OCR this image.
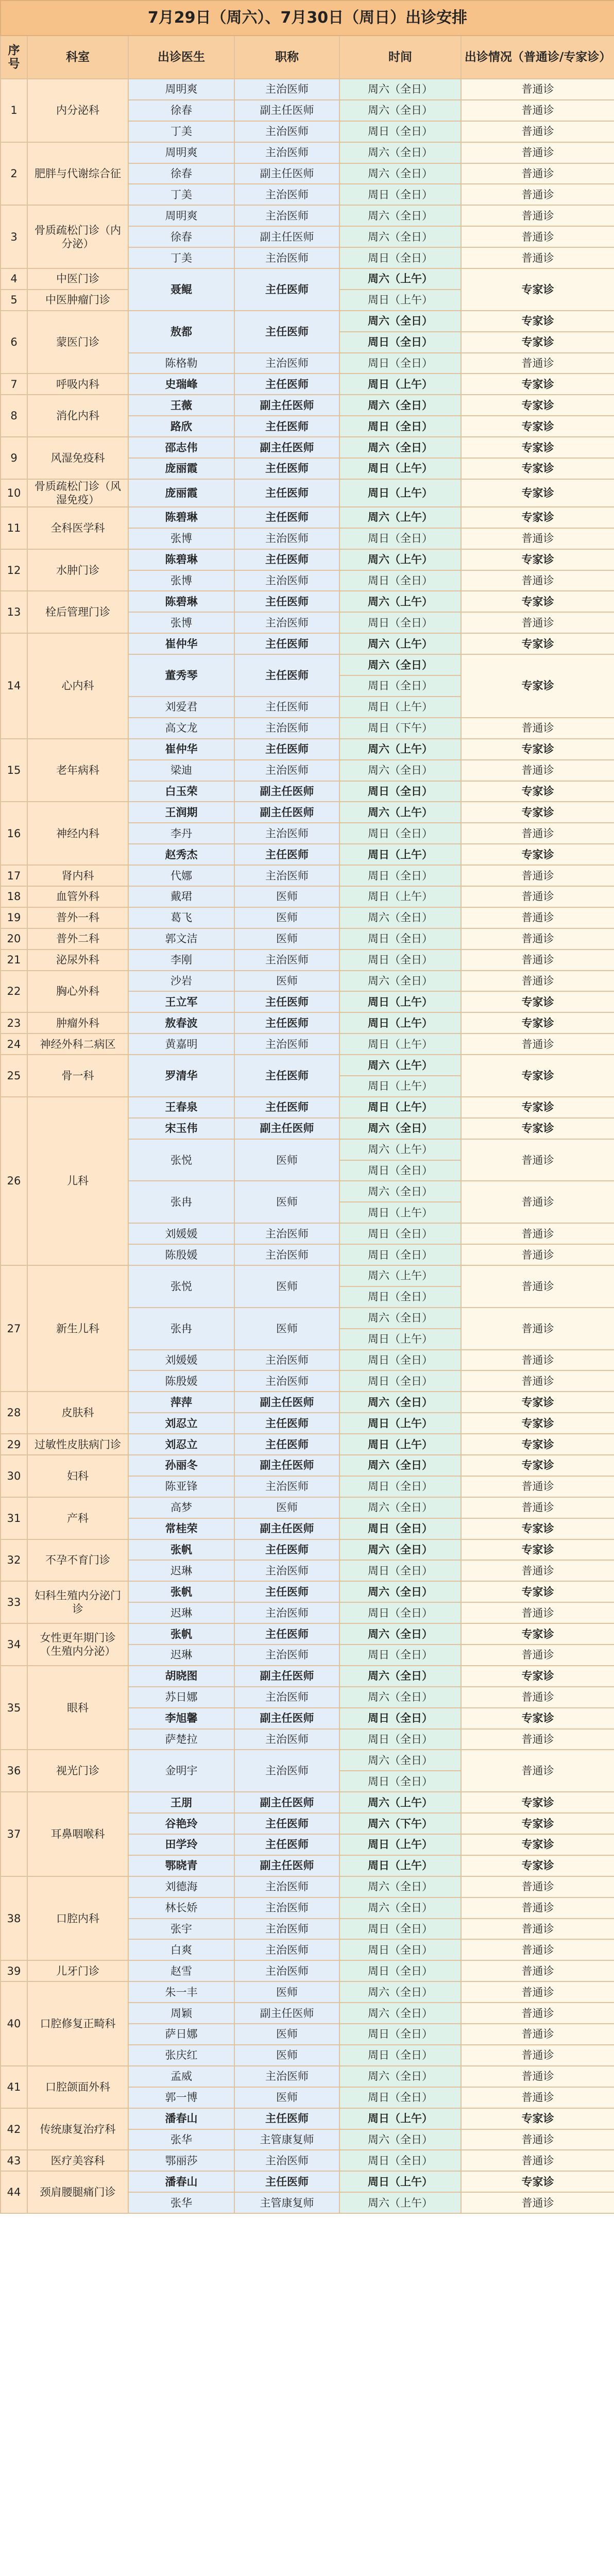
7月29日（周六）、7月30日（周日）出诊安排					
序号	科室	出诊医生	职称	时间	出诊情况（普通诊/专家诊）
1	内分泌科	周明爽	主治医师	周六（全日）	普通诊
		徐春	副主任医师	周六（全日）	普通诊
		丁美	主治医师	周日（全日）	普通诊
2	肥胖与代谢综合征	周明爽	主治医师	周六（全日）	普通诊
		徐春	副主任医师	周六（全日）	普通诊
		丁美	主治医师	周日（全日）	普通诊
3	骨质疏松门诊（内分泌）	周明爽	主治医师	周六（全日）	普通诊
		徐春	副主任医师	周六（全日）	普通诊
		丁美	主治医师	周日（全日）	普通诊
4	中医门诊	聂鲲	主任医师	周六（上午）	专家诊
5	中医肿瘤门诊			周日（上午）	
6	蒙医门诊	敖都	主任医师	周六（全日）	专家诊
				周日（全日）	专家诊
		陈格勒	主治医师	周日（全日）	普通诊
7	呼吸内科	史瑞峰	主任医师	周日（上午）	专家诊
8	消化内科	王薇	副主任医师	周六（全日）	专家诊
		路欣	主任医师	周日（全日）	专家诊
9	风湿免疫科	邵志伟	副主任医师	周六（全日）	专家诊
		庞丽霞	主任医师	周日（上午）	专家诊
10	骨质疏松门诊（风湿免疫）	庞丽霞	主任医师	周日（上午）	专家诊
11	全科医学科	陈碧琳	主任医师	周六（上午）	专家诊
		张博	主治医师	周日（全日）	普通诊
12	水肿门诊	陈碧琳	主任医师	周六（上午）	专家诊
		张博	主治医师	周日（全日）	普通诊
13	栓后管理门诊	陈碧琳	主任医师	周六（上午）	专家诊
		张博	主治医师	周日（全日）	普通诊
14	心内科	崔仲华	主任医师	周六（上午）	专家诊
		董秀琴	主任医师	周六（全日）	专家诊
				周日（全日）	
		刘爱君	主任医师	周日（上午）	
		高文龙	主治医师	周日（下午）	普通诊
15	老年病科	崔仲华	主任医师	周六（上午）	专家诊
		梁迪	主治医师	周六（全日）	普通诊
		白玉荣	副主任医师	周日（全日）	专家诊
16	神经内科	王润期	副主任医师	周六（上午）	专家诊
		李丹	主治医师	周日（全日）	普通诊
		赵秀杰	主任医师	周日（上午）	专家诊
17	肾内科	代娜	主治医师	周日（全日）	普通诊
18	血管外科	戴珺	医师	周日（上午）	普通诊
19	普外一科	葛飞	医师	周六（全日）	普通诊
20	普外二科	郭文洁	医师	周日（全日）	普通诊
21	泌尿外科	李刚	主治医师	周日（全日）	普通诊
22	胸心外科	沙岩	医师	周六（全日）	普通诊
		王立军	主任医师	周日（上午）	专家诊
23	肿瘤外科	敖春波	主任医师	周日（上午）	专家诊
24	神经外科二病区	黄嘉明	主治医师	周日（上午）	普通诊
25	骨一科	罗清华	主任医师	周六（上午）	专家诊
				周日（上午）	
26	儿科	王春泉	主任医师	周日（上午）	专家诊
		宋玉伟	副主任医师	周六（全日）	专家诊
		张悦	医师	周六（上午）	普通诊
				周日（全日）	
		张冉	医师	周六（全日）	普通诊
				周日（上午）	
		刘媛媛	主治医师	周日（全日）	普通诊
		陈殷媛	主治医师	周日（全日）	普通诊
27	新生儿科	张悦	医师	周六（上午）	普通诊
				周日（全日）	
		张冉	医师	周六（全日）	普通诊
				周日（上午）	
		刘媛媛	主治医师	周日（全日）	普通诊
		陈殷媛	主治医师	周日（全日）	普通诊
28	皮肤科	萍萍	副主任医师	周六（全日）	专家诊
		刘忍立	主任医师	周日（上午）	专家诊
29	过敏性皮肤病门诊	刘忍立	主任医师	周日（上午）	专家诊
30	妇科	孙丽冬	副主任医师	周六（全日）	专家诊
		陈亚锋	主治医师	周日（全日）	普通诊
31	产科	高梦	医师	周六（全日）	普通诊
		常桂荣	副主任医师	周日（全日）	专家诊
32	不孕不育门诊	张帆	主任医师	周六（全日）	专家诊
		迟琳	主治医师	周日（全日）	普通诊
33	妇科生殖内分泌门诊	张帆	主任医师	周六（全日）	专家诊
		迟琳	主治医师	周日（全日）	普通诊
34	女性更年期门诊（生殖内分泌）	张帆	主任医师	周六（全日）	专家诊
		迟琳	主治医师	周日（全日）	普通诊
35	眼科	胡晓图	副主任医师	周六（全日）	专家诊
		苏日娜	主治医师	周六（全日）	普通诊
		李旭馨	副主任医师	周日（全日）	专家诊
		萨楚拉	主治医师	周日（全日）	普通诊
36	视光门诊	金明宇	主治医师	周六（全日）	普通诊
				周日（全日）	
37	耳鼻咽喉科	王朋	副主任医师	周六（上午）	专家诊
		谷艳玲	主任医师	周六（下午）	专家诊
		田学玲	主任医师	周日（上午）	专家诊
		鄂晓青	副主任医师	周日（上午）	专家诊
38	口腔内科	刘德海	主治医师	周六（全日）	普通诊
		林长娇	主治医师	周六（全日）	普通诊
		张宇	主治医师	周日（全日）	普通诊
		白爽	主治医师	周日（全日）	普通诊
39	儿牙门诊	赵雪	主治医师	周日（全日）	普通诊
40	口腔修复正畸科	朱一丰	医师	周六（全日）	普通诊
		周颖	副主任医师	周六（全日）	普通诊
		萨日娜	医师	周日（全日）	普通诊
		张庆红	医师	周日（全日）	普通诊
41	口腔颌面外科	孟威	主治医师	周六（全日）	普通诊
		郭一博	医师	周日（全日）	普通诊
42	传统康复治疗科	潘春山	主任医师	周日（上午）	专家诊
		张华	主管康复师	周六（全日）	普通诊
43	医疗美容科	鄂丽莎	主治医师	周日（全日）	普通诊
44	颈肩腰腿痛门诊	潘春山	主任医师	周日（上午）	专家诊
		张华	主管康复师	周六（上午）	普通诊
